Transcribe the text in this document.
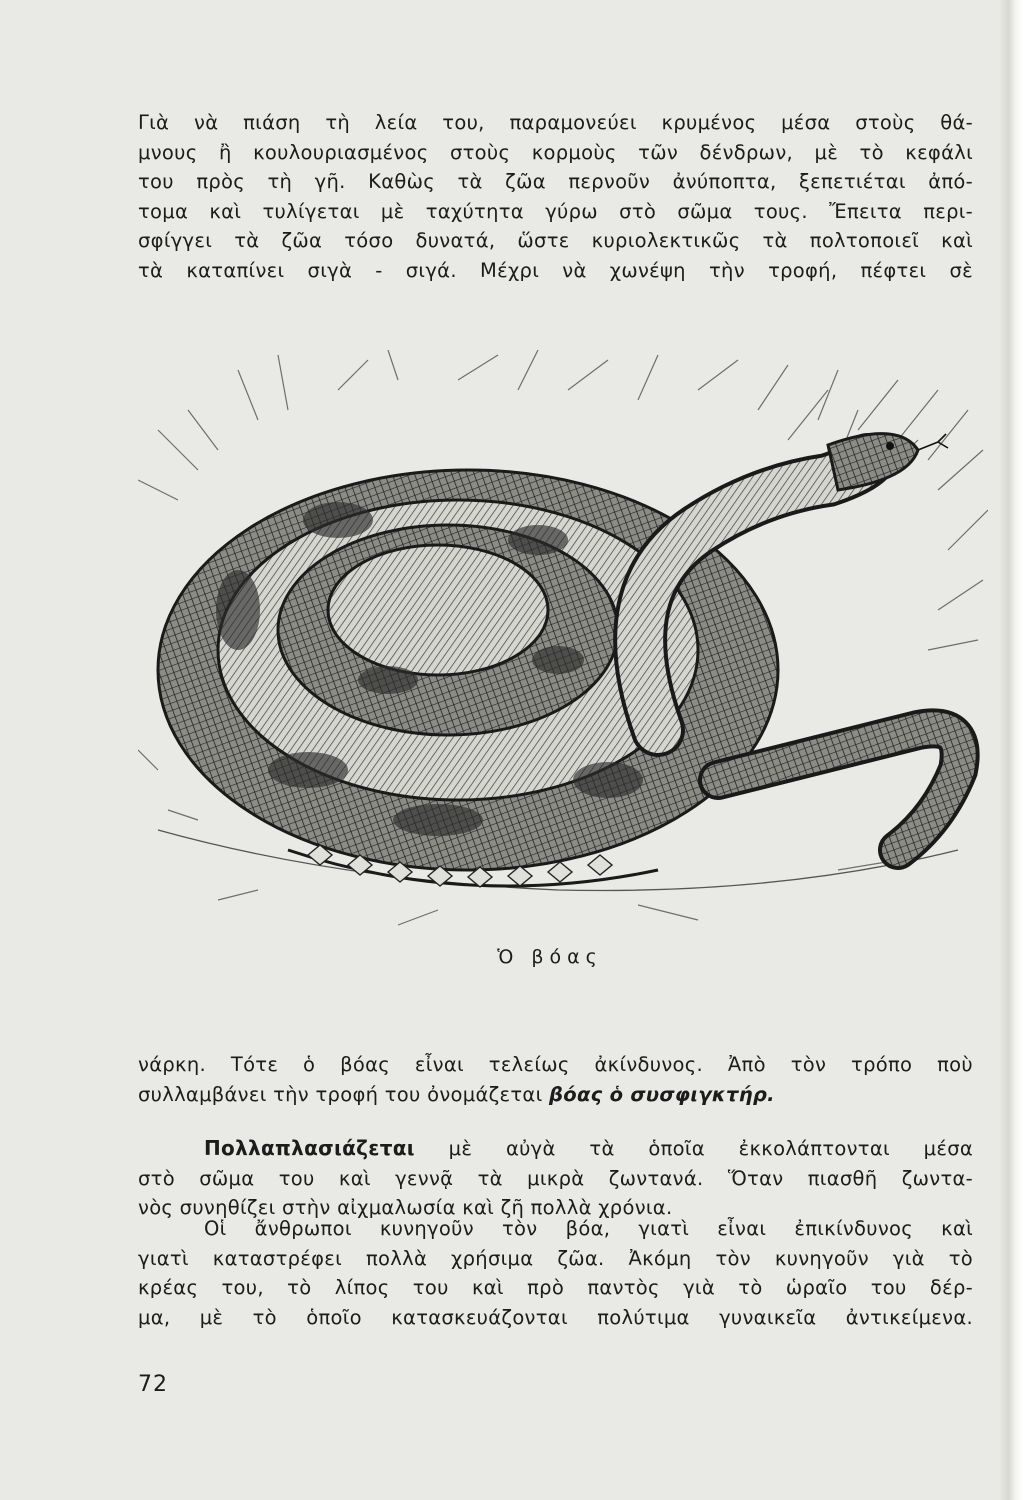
Γιὰ νὰ πιάση τὴ λεία του, παραμονεύει κρυμένος μέσα στοὺς θά-
μνους ἢ κουλουριασμένος στοὺς κορμοὺς τῶν δένδρων, μὲ τὸ κεφάλι
του πρὸς τὴ γῆ. Καθὼς τὰ ζῶα περνοῦν ἀνύποπτα, ξεπετιέται ἀπό-
τομα καὶ τυλίγεται μὲ ταχύτητα γύρω στὸ σῶμα τους. Ἔπειτα περι-
σφίγγει τὰ ζῶα τόσο δυνατά, ὥστε κυριολεκτικῶς τὰ πολτοποιεῖ καὶ
τὰ καταπίνει σιγὰ - σιγά. Μέχρι νὰ χωνέψη τὴν τροφή, πέφτει σὲ

Ὁ βόας

νάρκη. Τότε ὁ βόας εἶναι τελείως ἀκίνδυνος. Ἀπὸ τὸν τρόπο ποὺ
συλλαμβάνει τὴν τροφή του ὀνομάζεται βόας ὁ συσφιγκτήρ.

Πολλαπλασιάζεται μὲ αὐγὰ τὰ ὁποῖα ἐκκολάπτονται μέσα
στὸ σῶμα του καὶ γεννᾷ τὰ μικρὰ ζωντανά. Ὅταν πιασθῆ ζωντα-
νὸς συνηθίζει στὴν αἰχμαλωσία καὶ ζῆ πολλὰ χρόνια.

Οἱ ἄνθρωποι κυνηγοῦν τὸν βόα, γιατὶ εἶναι ἐπικίνδυνος καὶ
γιατὶ καταστρέφει πολλὰ χρήσιμα ζῶα. Ἀκόμη τὸν κυνηγοῦν γιὰ τὸ
κρέας του, τὸ λίπος του καὶ πρὸ παντὸς γιὰ τὸ ὡραῖο του δέρ-
μα, μὲ τὸ ὁποῖο κατασκευάζονται πολύτιμα γυναικεῖα ἀντικείμενα.

72
